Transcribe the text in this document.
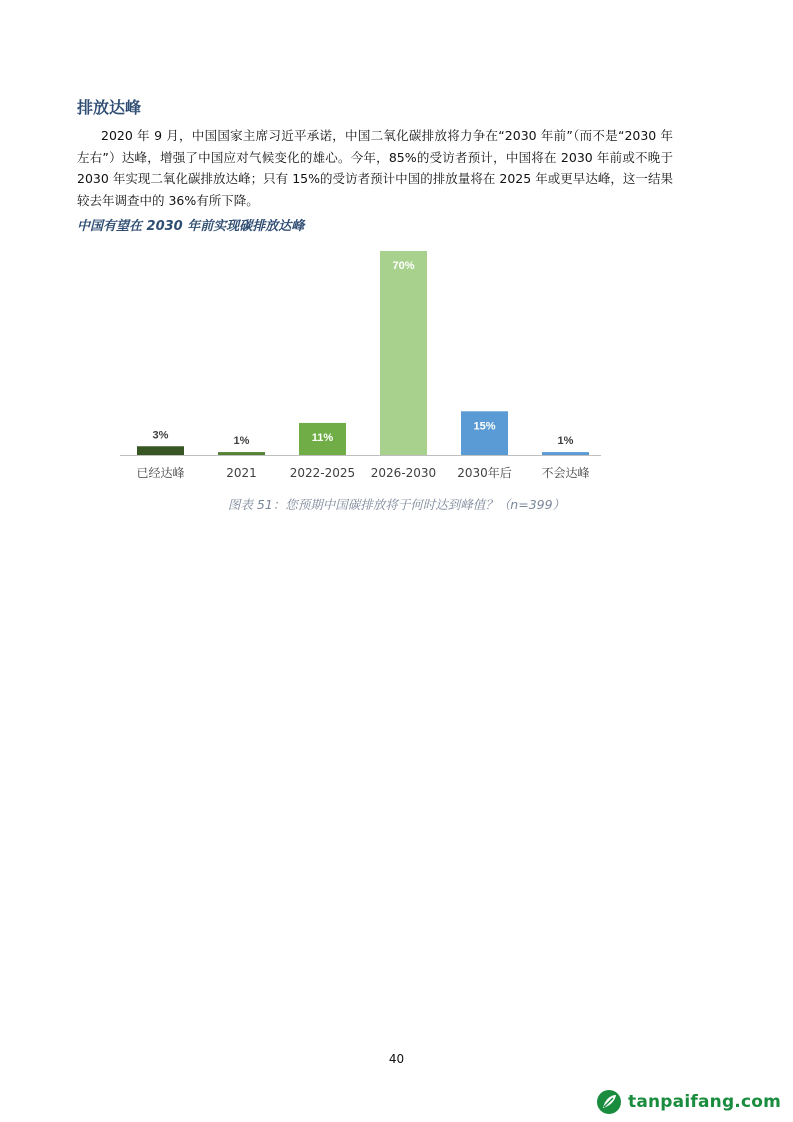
排放达峰

2020 年 9 月，中国国家主席习近平承诺，中国二氧化碳排放将力争在“2030 年前”（而不是“2030 年左右”）达峰，增强了中国应对气候变化的雄心。今年，85%的受访者预计，中国将在 2030 年前或不晚于 2030 年实现二氧化碳排放达峰；只有 15%的受访者预计中国的排放量将在 2025 年或更早达峰，这一结果较去年调查中的 36%有所下降。

中国有望在 2030 年前实现碳排放达峰
3%
已经达峰
1%
2021
11%
2022-2025
70%
2026-2030
15%
2030年后
1%
不会达峰
图表 51：您预期中国碳排放将于何时达到峰值？（n=399）
40
tanpaifang.com
